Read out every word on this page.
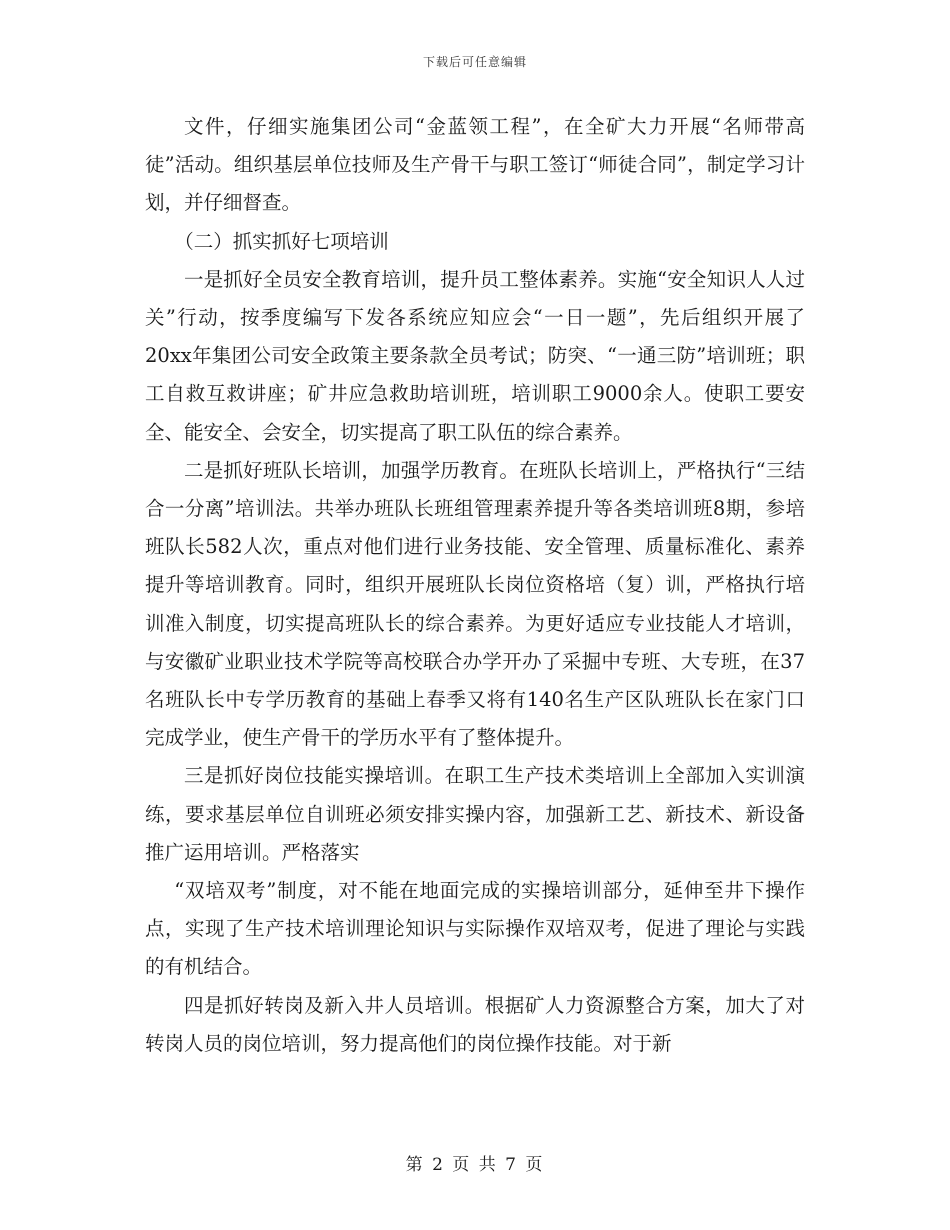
下载后可任意编辑

文件，仔细实施集团公司“金蓝领工程”，在全矿大力开展“名师带高徒”活动。组织基层单位技师及生产骨干与职工签订“师徒合同”，制定学习计划，并仔细督查。

（二）抓实抓好七项培训

一是抓好全员安全教育培训，提升员工整体素养。实施“安全知识人人过关”行动，按季度编写下发各系统应知应会“一日一题”，先后组织开展了20xx年集团公司安全政策主要条款全员考试；防突、“一通三防”培训班；职工自救互救讲座；矿井应急救助培训班，培训职工9000余人。使职工要安全、能安全、会安全，切实提高了职工队伍的综合素养。

二是抓好班队长培训，加强学历教育。在班队长培训上，严格执行“三结合一分离”培训法。共举办班队长班组管理素养提升等各类培训班8期，参培班队长582人次，重点对他们进行业务技能、安全管理、质量标准化、素养提升等培训教育。同时，组织开展班队长岗位资格培（复）训，严格执行培训准入制度，切实提高班队长的综合素养。为更好适应专业技能人才培训，与安徽矿业职业技术学院等高校联合办学开办了采掘中专班、大专班，在37名班队长中专学历教育的基础上春季又将有140名生产区队班队长在家门口完成学业，使生产骨干的学历水平有了整体提升。

三是抓好岗位技能实操培训。在职工生产技术类培训上全部加入实训演练，要求基层单位自训班必须安排实操内容，加强新工艺、新技术、新设备推广运用培训。严格落实

“双培双考”制度，对不能在地面完成的实操培训部分，延伸至井下操作点，实现了生产技术培训理论知识与实际操作双培双考，促进了理论与实践的有机结合。

四是抓好转岗及新入井人员培训。根据矿人力资源整合方案，加大了对转岗人员的岗位培训，努力提高他们的岗位操作技能。对于新

第 2 页 共 7 页
